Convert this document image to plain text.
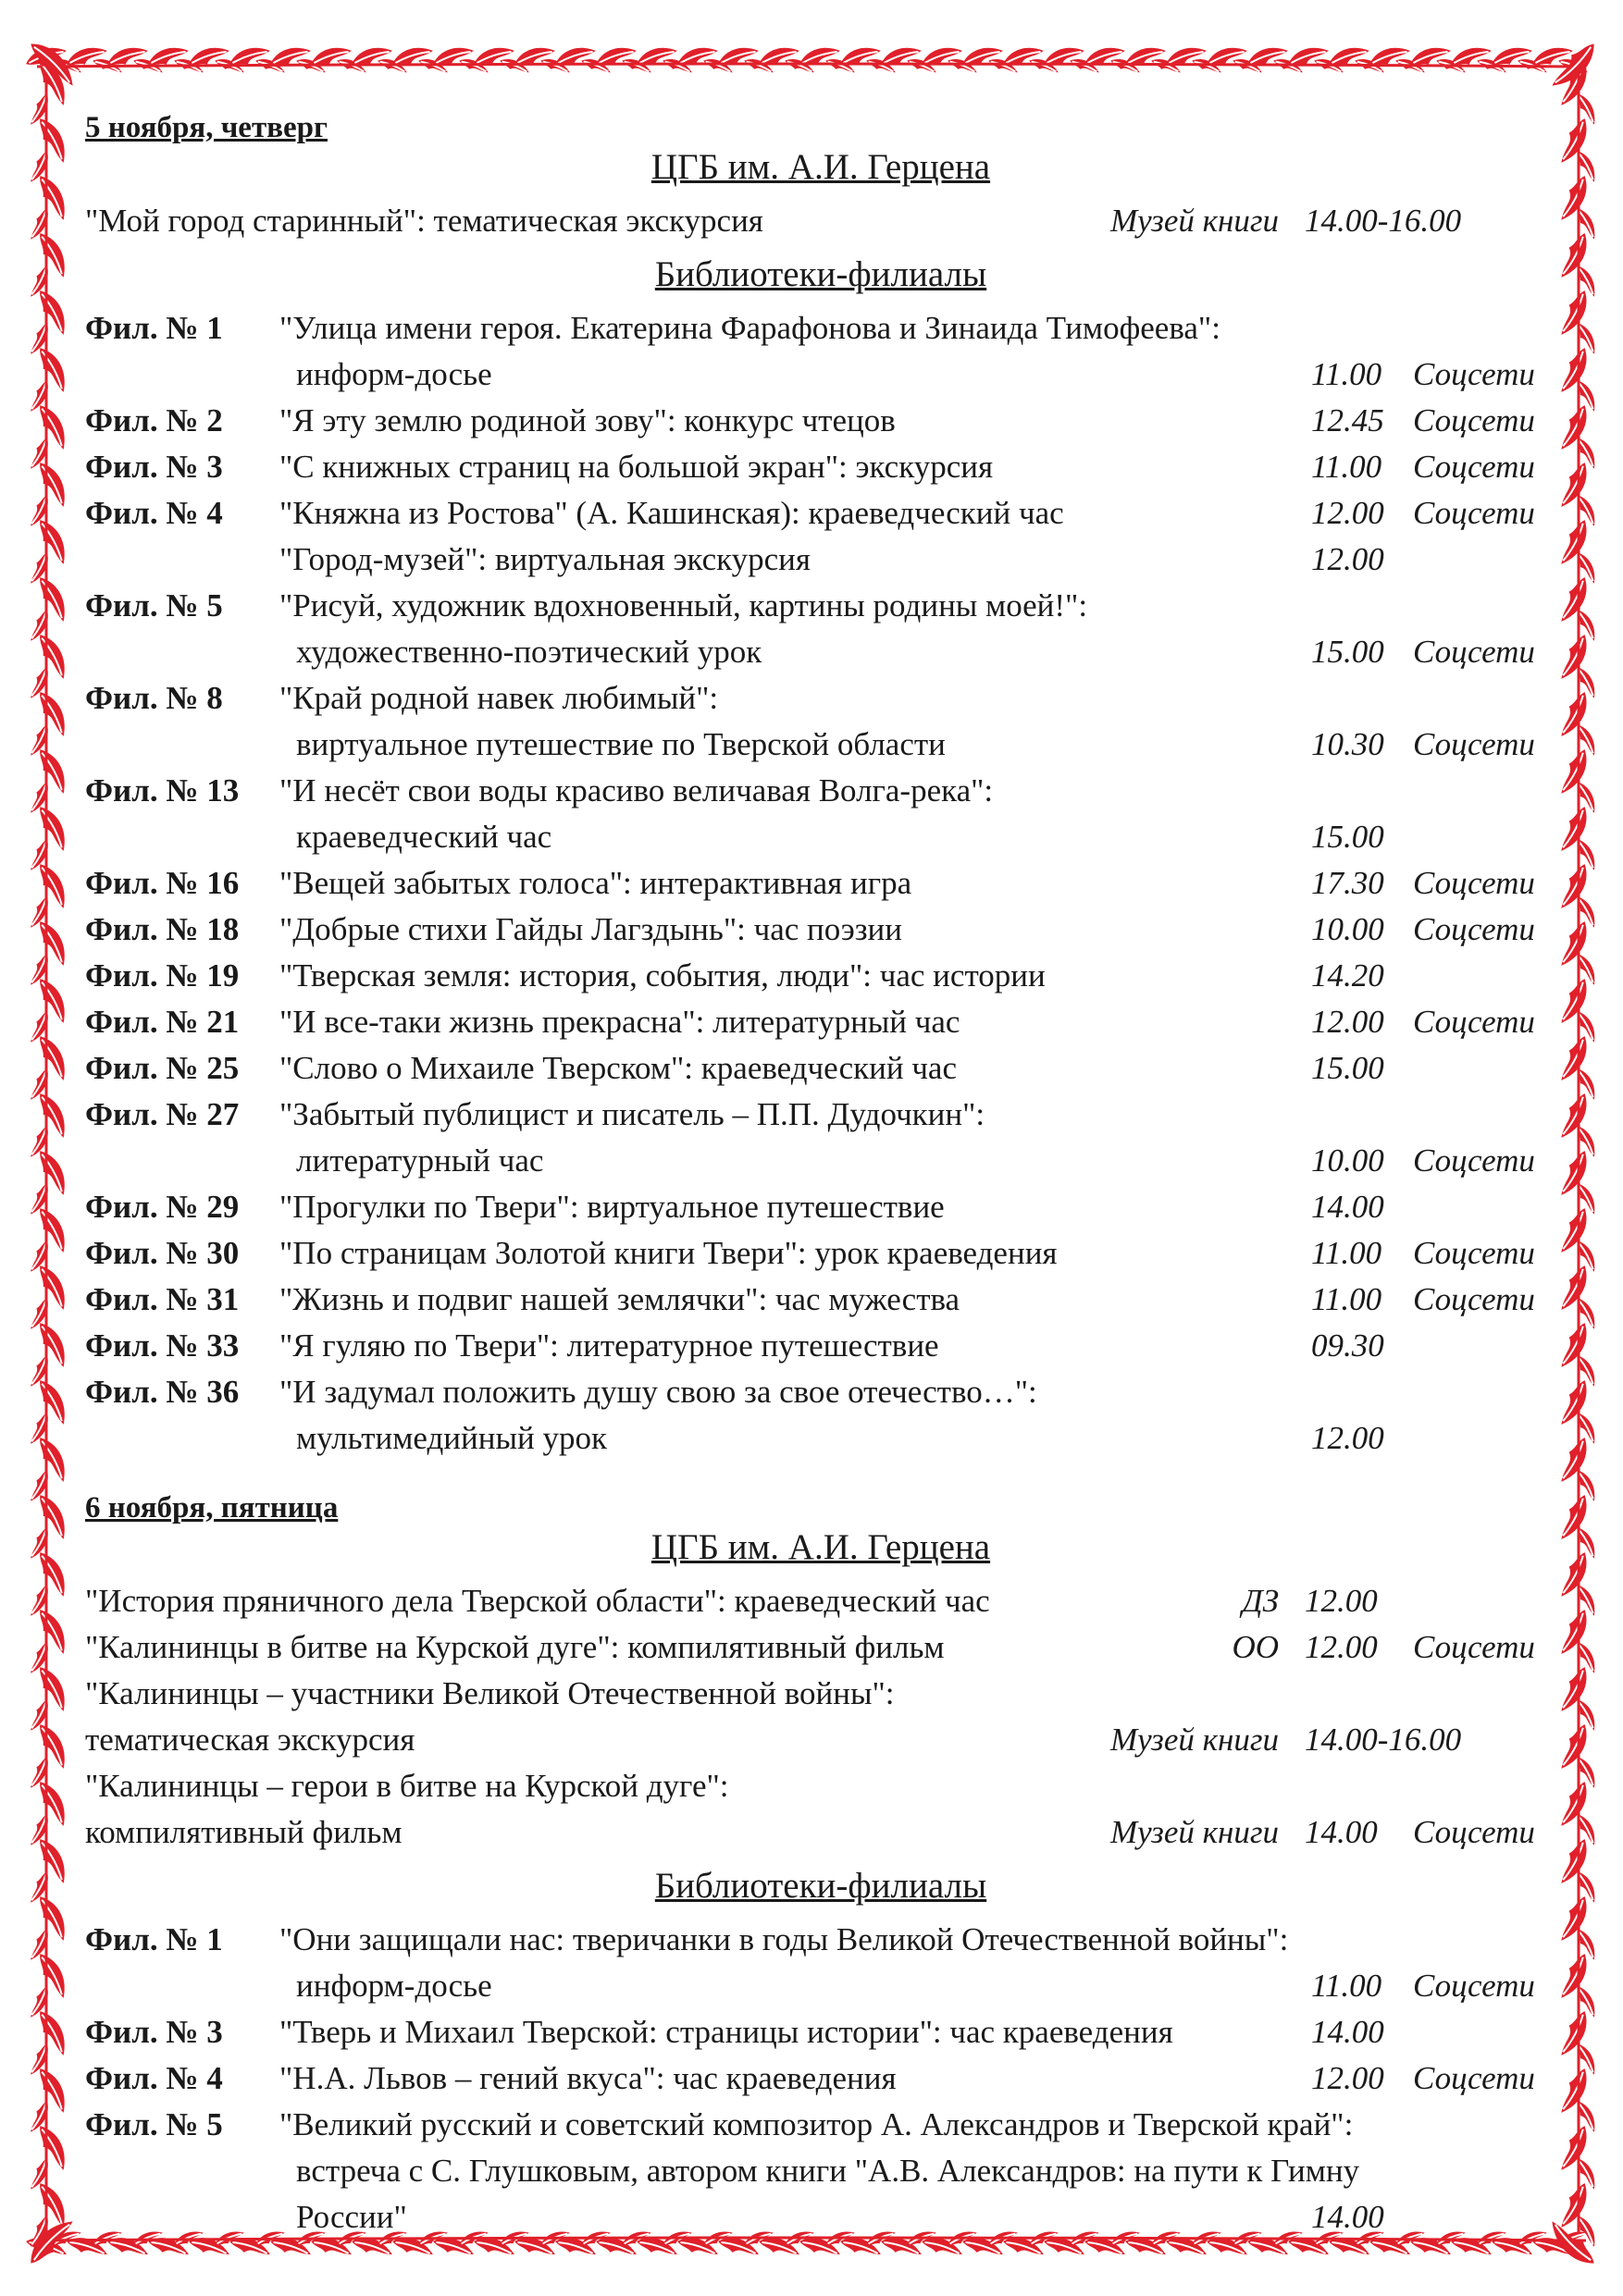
5 ноября, четверг
ЦГБ им. А.И. Герцена
"Мой город старинный": тематическая экскурсия	Музей книги 14.00-16.00
Библиотеки-филиалы
Фил. № 1 "Улица имени героя. Екатерина Фарафонова и Зинаида Тимофеева":
информ-досье	11.00 Соцсети
Фил. № 2 "Я эту землю родиной зову": конкурс чтецов	12.45 Соцсети
Фил. № 3 "С книжных страниц на большой экран": экскурсия	11.00 Соцсети
Фил. № 4 "Княжна из Ростова" (А. Кашинская): краеведческий час	12.00 Соцсети
"Город-музей": виртуальная экскурсия	12.00
Фил. № 5 "Рисуй, художник вдохновенный, картины родины моей!":
художественно-поэтический урок	15.00 Соцсети
Фил. № 8 "Край родной навек любимый":
виртуальное путешествие по Тверской области	10.30 Соцсети
Фил. № 13 "И несёт свои воды красиво величавая Волга-река":
краеведческий час	15.00
Фил. № 16 "Вещей забытых голоса": интерактивная игра	17.30 Соцсети
Фил. № 18 "Добрые стихи Гайды Лагздынь": час поэзии	10.00 Соцсети
Фил. № 19 "Тверская земля: история, события, люди": час истории	14.20
Фил. № 21 "И все-таки жизнь прекрасна": литературный час	12.00 Соцсети
Фил. № 25 "Слово о Михаиле Тверском": краеведческий час	15.00
Фил. № 27 "Забытый публицист и писатель – П.П. Дудочкин":
литературный час	10.00 Соцсети
Фил. № 29 "Прогулки по Твери": виртуальное путешествие	14.00
Фил. № 30 "По страницам Золотой книги Твери": урок краеведения	11.00 Соцсети
Фил. № 31 "Жизнь и подвиг нашей землячки": час мужества	11.00 Соцсети
Фил. № 33 "Я гуляю по Твери": литературное путешествие	09.30
Фил. № 36 "И задумал положить душу свою за свое отечество…":
мультимедийный урок	12.00
6 ноября, пятница
ЦГБ им. А.И. Герцена
"История пряничного дела Тверской области": краеведческий час	ДЗ 12.00
"Калининцы в битве на Курской дуге": компилятивный фильм	ОО 12.00 Соцсети
"Калининцы – участники Великой Отечественной войны":
тематическая экскурсия	Музей книги 14.00-16.00
"Калининцы – герои в битве на Курской дуге":
компилятивный фильм	Музей книги 14.00 Соцсети
Библиотеки-филиалы
Фил. № 1 "Они защищали нас: тверичанки в годы Великой Отечественной войны":
информ-досье	11.00 Соцсети
Фил. № 3 "Тверь и Михаил Тверской: страницы истории": час краеведения	14.00
Фил. № 4 "Н.А. Львов – гений вкуса": час краеведения	12.00 Соцсети
Фил. № 5 "Великий русский и советский композитор А. Александров и Тверской край":
встреча с С. Глушковым, автором книги "А.В. Александров: на пути к Гимну
России"	14.00
